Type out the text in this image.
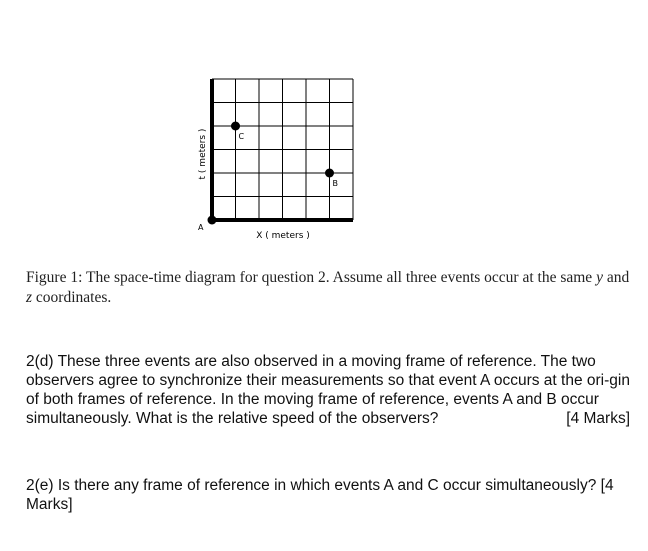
A
B
C
t ( meters )
X ( meters )
Figure 1: The space-time diagram for question 2. Assume all three events occur at the same y and z coordinates.
2(d) These three events are also observed in a moving frame of reference. The two observers agree to synchronize their measurements so that event A occurs at the ori-gin of both frames of reference. In the moving frame of reference, events A and B occur simultaneously. What is the relative speed of the observers?	[4 Marks]
2(e) Is there any frame of reference in which events A and C occur simultaneously? [4 Marks]
